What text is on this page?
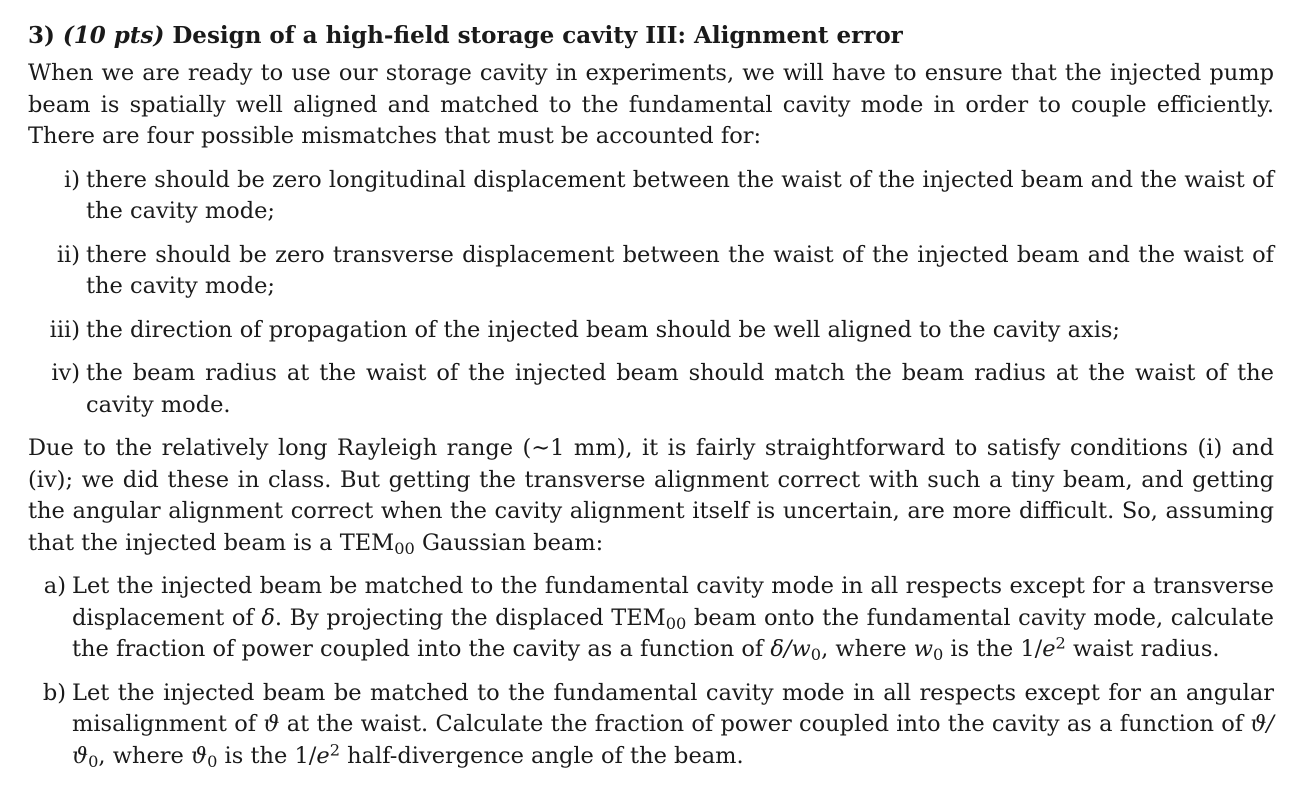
3) (10 pts) Design of a high-field storage cavity III: Alignment error

When we are ready to use our storage cavity in experiments, we will have to ensure that the injected pump beam is spatially well aligned and matched to the fundamental cavity mode in order to couple efficiently. There are four possible mismatches that must be accounted for:

i) there should be zero longitudinal displacement between the waist of the injected beam and the waist of the cavity mode;
ii) there should be zero transverse displacement between the waist of the injected beam and the waist of the cavity mode;
iii) the direction of propagation of the injected beam should be well aligned to the cavity axis;
iv) the beam radius at the waist of the injected beam should match the beam radius at the waist of the cavity mode.

Due to the relatively long Rayleigh range (∼1 mm), it is fairly straightforward to satisfy conditions (i) and (iv); we did these in class. But getting the transverse alignment correct with such a tiny beam, and getting the angular alignment correct when the cavity alignment itself is uncertain, are more difficult. So, assuming that the injected beam is a $TEM_{00}$ Gaussian beam:

a) Let the injected beam be matched to the fundamental cavity mode in all respects except for a transverse displacement of δ. By projecting the displaced $TEM_{00}$ beam onto the fundamental cavity mode, calculate the fraction of power coupled into the cavity as a function of $\delta/w_0$, where $w_0$ is the $1/e^2$ waist radius.
b) Let the injected beam be matched to the fundamental cavity mode in all respects except for an angular misalignment of ϑ at the waist. Calculate the fraction of power coupled into the cavity as a function of $ϑ/ϑ_0$, where $ϑ_0$ is the $1/e^2$ half-divergence angle of the beam.
